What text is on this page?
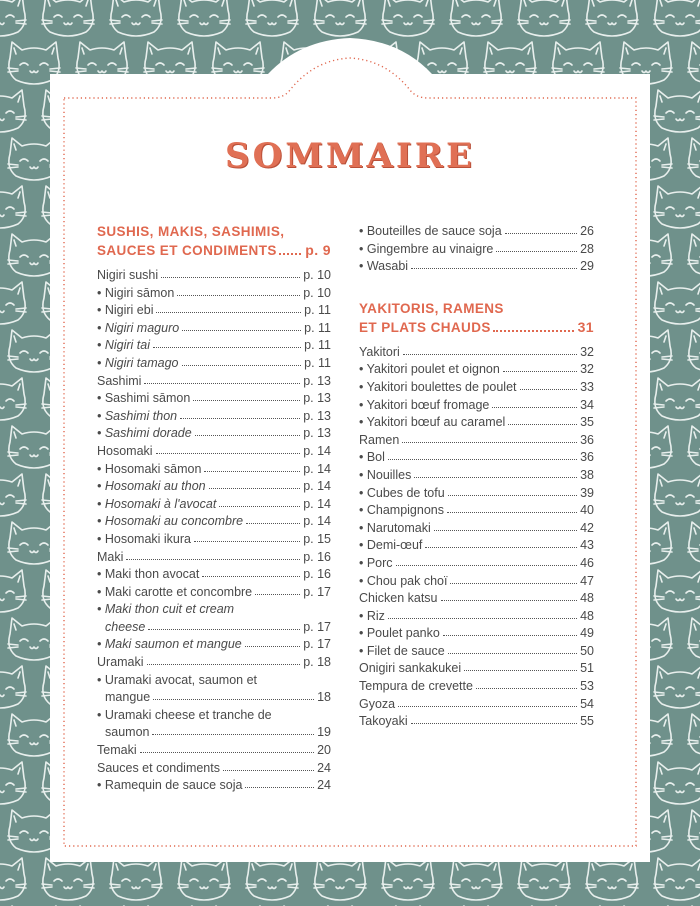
SOMMAIRE
SUSHIS, MAKIS, SASHIMIS,
SAUCES ET CONDIMENTS p. 9
Nigiri sushi	p. 10
• Nigiri sāmon	p. 10
• Nigiri ebi	p. 11
• Nigiri maguro	p. 11
• Nigiri tai	p. 11
• Nigiri tamago	p. 11
Sashimi	p. 13
• Sashimi sāmon	p. 13
• Sashimi thon	p. 13
• Sashimi dorade	p. 13
Hosomaki	p. 14
• Hosomaki sāmon	p. 14
• Hosomaki au thon	p. 14
• Hosomaki à l'avocat	p. 14
• Hosomaki au concombre	p. 14
• Hosomaki ikura	p. 15
Maki	p. 16
• Maki thon avocat	p. 16
• Maki carotte et concombre	p. 17
• Maki thon cuit et cream
cheese	p. 17
• Maki saumon et mangue	p. 17
Uramaki	p. 18
• Uramaki avocat, saumon et
mangue	18
• Uramaki cheese et tranche de
saumon	19
Temaki	20
Sauces et condiments	24
• Ramequin de sauce soja	24
• Bouteilles de sauce soja	26
• Gingembre au vinaigre	28
• Wasabi	29
YAKITORIS, RAMENS
ET PLATS CHAUDS	31
Yakitori	32
• Yakitori poulet et oignon	32
• Yakitori boulettes de poulet	33
• Yakitori bœuf fromage	34
• Yakitori bœuf au caramel	35
Ramen	36
• Bol	36
• Nouilles	38
• Cubes de tofu	39
• Champignons	40
• Narutomaki	42
• Demi-œuf	43
• Porc	46
• Chou pak choï	47
Chicken katsu	48
• Riz	48
• Poulet panko	49
• Filet de sauce	50
Onigiri sankakukei	51
Tempura de crevette	53
Gyoza	54
Takoyaki	55
